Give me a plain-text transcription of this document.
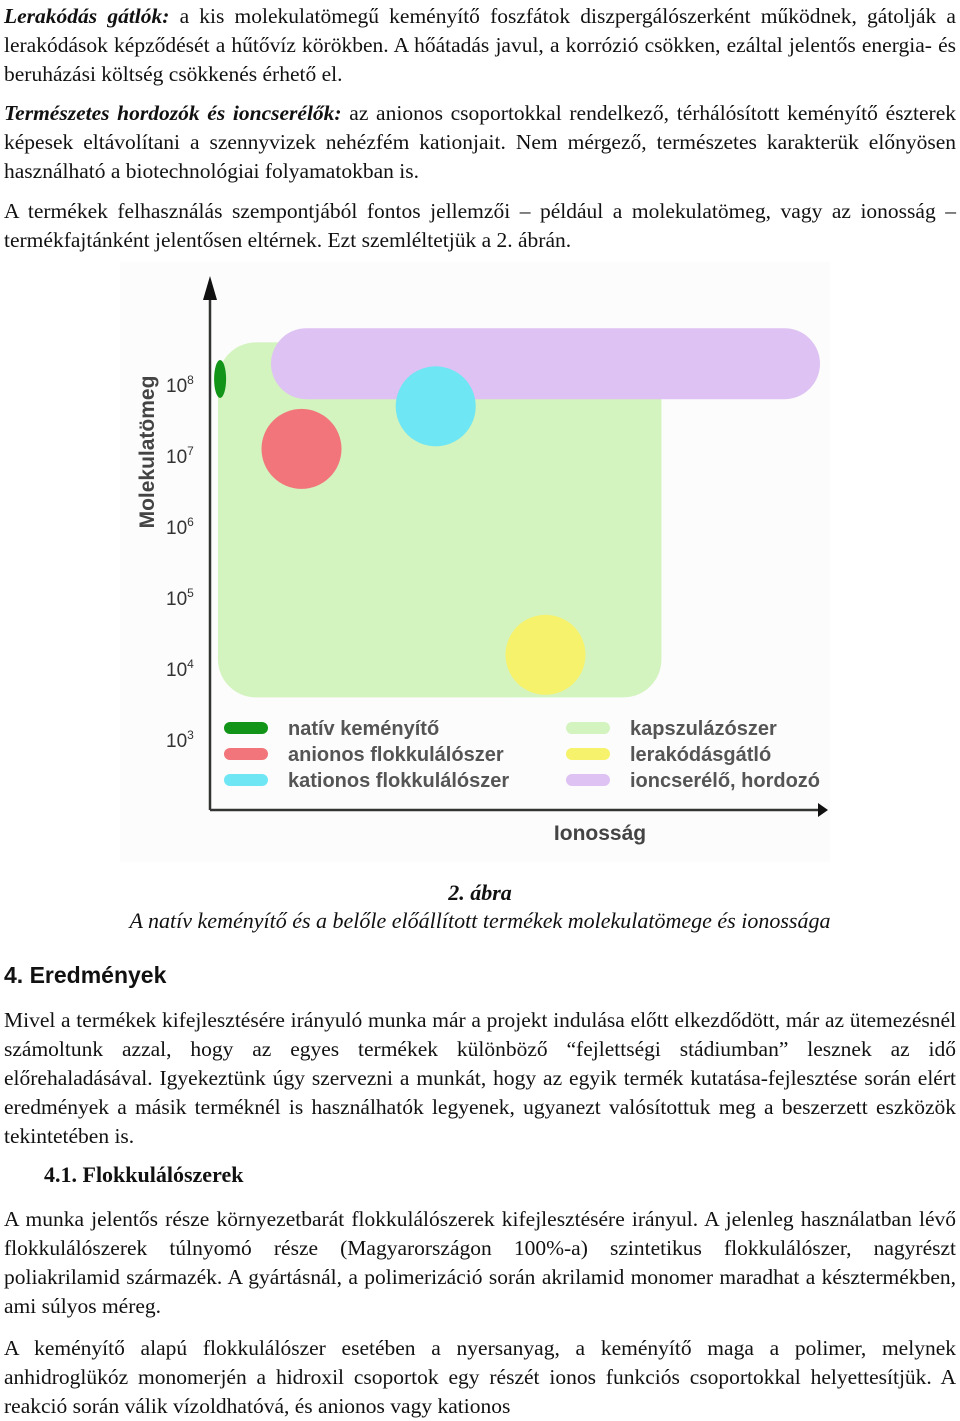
Lerakódás gátlók: a kis molekulatömegű keményítő foszfátok diszpergálószerként működnek, gátolják a lerakódások képződését a hűtővíz körökben. A hőátadás javul, a korrózió csökken, ezáltal jelentős energia- és beruházási költség csökkenés érhető el.

Természetes hordozók és ioncserélők: az anionos csoportokkal rendelkező, térhálósított keményítő észterek képesek eltávolítani a szennyvizek nehézfém kationjait. Nem mérgező, természetes karakterük előnyösen használható a biotechnológiai folyamatokban is.

A termékek felhasználás szempontjából fontos jellemzői – például a molekulatömeg, vagy az ionosság – termékfajtánként jelentősen eltérnek. Ezt szemléltetjük a 2. ábrán.

Molekulatömeg
Ionosság
$10^3$
$10^4$
$10^5$
$10^6$
$10^7$
$10^8$
natív keményítő
anionos flokkulálószer
kationos flokkulálószer
kapszulázószer
lerakódásgátló
ioncserélő, hordozó

2. ábra

A natív keményítő és a belőle előállított termékek molekulatömege és ionossága

4. Eredmények

Mivel a termékek kifejlesztésére irányuló munka már a projekt indulása előtt elkezdődött, már az ütemezésnél számoltunk azzal, hogy az egyes termékek különböző “fejlettségi stádiumban” lesznek az idő előrehaladásával. Igyekeztünk úgy szervezni a munkát, hogy az egyik termék kutatása-fejlesztése során elért eredmények a másik terméknél is használhatók legyenek, ugyanezt valósítottuk meg a beszerzett eszközök tekintetében is.

4.1. Flokkulálószerek

A munka jelentős része környezetbarát flokkulálószerek kifejlesztésére irányul. A jelenleg használatban lévő flokkulálószerek túlnyomó része (Magyarországon 100%-a) szintetikus flokkulálószer, nagyrészt poliakrilamid származék. A gyártásnál, a polimerizáció során akrilamid monomer maradhat a késztermékben, ami súlyos méreg.

A keményítő alapú flokkulálószer esetében a nyersanyag, a keményítő maga a polimer, melynek anhidroglükóz monomerjén a hidroxil csoportok egy részét ionos funkciós csoportokkal helyettesítjük. A reakció során válik vízoldhatóvá, és anionos vagy kationos
